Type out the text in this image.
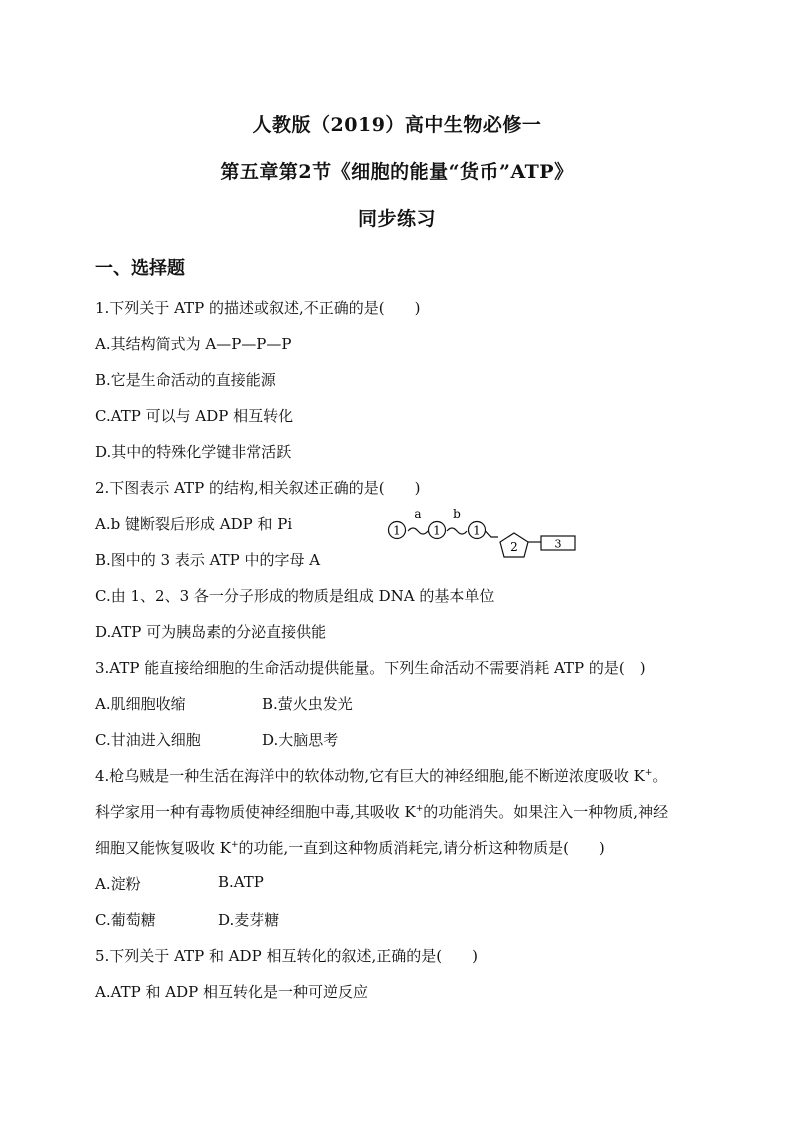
人教版（2019）高中生物必修一
第五章第2节《细胞的能量“货币”ATP》
同步练习
一、选择题
1.下列关于 ATP 的描述或叙述,不正确的是(　　)
A.其结构简式为 A—P—P—P
B.它是生命活动的直接能源
C.ATP 可以与 ADP 相互转化
D.其中的特殊化学键非常活跃
2.下图表示 ATP 的结构,相关叙述正确的是(　　)
A.b 键断裂后形成 ADP 和 Pi
B.图中的 3 表示 ATP 中的字母 A
C.由 1、2、3 各一分子形成的物质是组成 DNA 的基本单位
D.ATP 可为胰岛素的分泌直接供能
1
a
1
b
1
2	3
3.ATP 能直接给细胞的生命活动提供能量。下列生命活动不需要消耗 ATP 的是(　)
A.肌细胞收缩	B.萤火虫发光
C.甘油进入细胞	D.大脑思考
4.枪乌贼是一种生活在海洋中的软体动物,它有巨大的神经细胞,能不断逆浓度吸收 K+。
科学家用一种有毒物质使神经细胞中毒,其吸收 K+的功能消失。如果注入一种物质,神经
细胞又能恢复吸收 K+的功能,一直到这种物质消耗完,请分析这种物质是(　　)
A.淀粉	B.ATP
C.葡萄糖	D.麦芽糖
5.下列关于 ATP 和 ADP 相互转化的叙述,正确的是(　　)
A.ATP 和 ADP 相互转化是一种可逆反应
